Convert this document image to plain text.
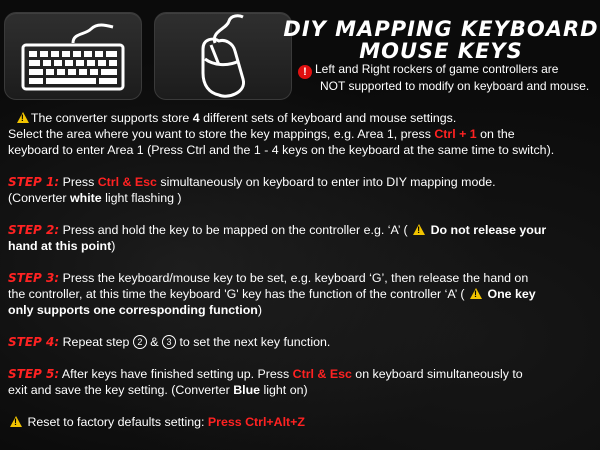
DIY MAPPING KEYBOARD
MOUSE KEYS
! Left and Right rockers of game controllers are
NOT supported to modify on keyboard and mouse.

!The converter supports store 4 different sets of keyboard and mouse settings.

Select the area where you want to store the key mappings, e.g. Area 1, press Ctrl + 1 on the

keyboard to enter Area 1 (Press Ctrl and the 1 - 4 keys on the keyboard at the same time to switch).

STEP 1: Press Ctrl & Esc simultaneously on keyboard to enter into DIY mapping mode.

(Converter white light flashing )

STEP 2: Press and hold the key to be mapped on the controller e.g. ‘A’ ( ! Do not release your

hand at this point)

STEP 3: Press the keyboard/mouse key to be set, e.g. keyboard ‘G’, then release the hand on

the controller, at this time the keyboard 'G' key has the function of the controller ‘A’ ( ! One key

only supports one corresponding function)

STEP 4: Repeat step 2 & 3 to set the next key function.

STEP 5: After keys have finished setting up. Press Ctrl & Esc on keyboard simultaneously to

exit and save the key setting. (Converter Blue light on)

! Reset to factory defaults setting: Press Ctrl+Alt+Z
